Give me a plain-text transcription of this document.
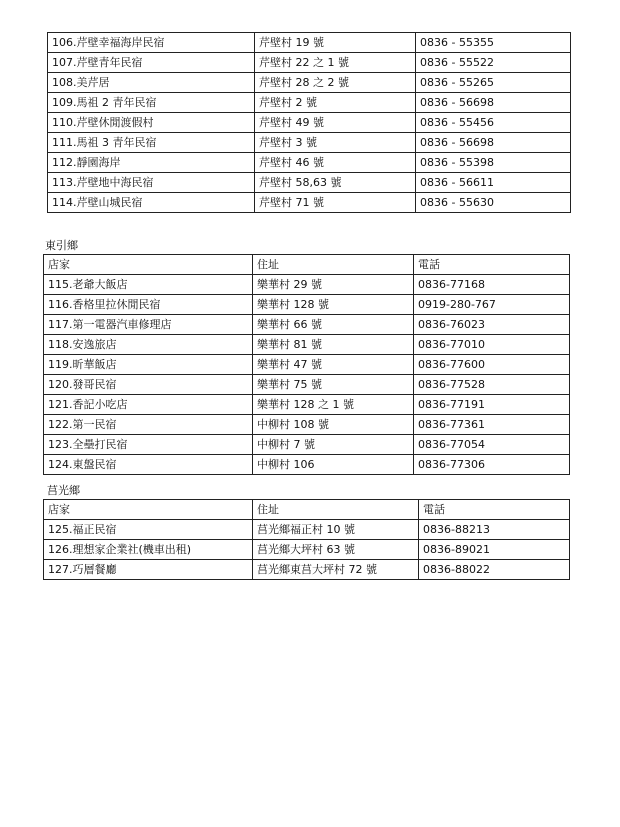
106.芹壁幸福海岸民宿	芹壁村 19 號	0836 - 55355
107.芹壁青年民宿	芹壁村 22 之 1 號	0836 - 55522
108.美芹居	芹壁村 28 之 2 號	0836 - 55265
109.馬祖 2 青年民宿	芹壁村 2 號	0836 - 56698
110.芹壁休閒渡假村	芹壁村 49 號	0836 - 55456
111.馬祖 3 青年民宿	芹壁村 3 號	0836 - 56698
112.靜園海岸	芹壁村 46 號	0836 - 55398
113.芹壁地中海民宿	芹壁村 58,63 號	0836 - 56611
114.芹壁山城民宿	芹壁村 71 號	0836 - 55630
東引鄉
店家	住址	電話
115.老爺大飯店	樂華村 29 號	0836-77168
116.香格里拉休閒民宿	樂華村 128 號	0919-280-767
117.第一電器汽車修理店	樂華村 66 號	0836-76023
118.安逸旅店	樂華村 81 號	0836-77010
119.昕華飯店	樂華村 47 號	0836-77600
120.發哥民宿	樂華村 75 號	0836-77528
121.香記小吃店	樂華村 128 之 1 號	0836-77191
122.第一民宿	中柳村 108 號	0836-77361
123.全壘打民宿	中柳村 7 號	0836-77054
124.東盤民宿	中柳村 106	0836-77306
莒光鄉
店家	住址	電話
125.福正民宿	莒光鄉福正村 10 號	0836-88213
126.理想家企業社(機車出租)	莒光鄉大坪村 63 號	0836-89021
127.巧層餐廳	莒光鄉東莒大坪村 72 號	0836-88022
